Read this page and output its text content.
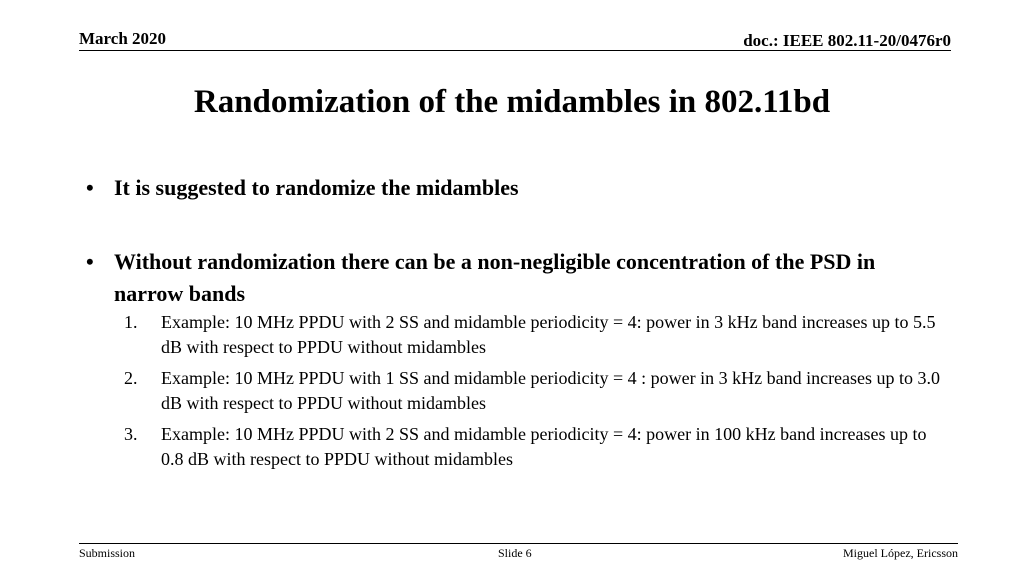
March 2020	doc.: IEEE 802.11-20/0476r0
Randomization of the midambles in 802.11bd
• It is suggested to randomize the midambles
• Without randomization there can be a non-negligible concentration of the PSD in narrow bands
1. Example: 10 MHz PPDU with 2 SS and midamble periodicity = 4: power in 3 kHz band increases up to 5.5 dB with respect to PPDU without midambles
2. Example: 10 MHz PPDU with 1 SS and midamble periodicity = 4 : power in 3 kHz band increases up to 3.0 dB with respect to PPDU without midambles
3. Example: 10 MHz PPDU with 2 SS and midamble periodicity = 4: power in 100 kHz band increases up to 0.8 dB with respect to PPDU without midambles
Submission	Slide 6	Miguel López, Ericsson
